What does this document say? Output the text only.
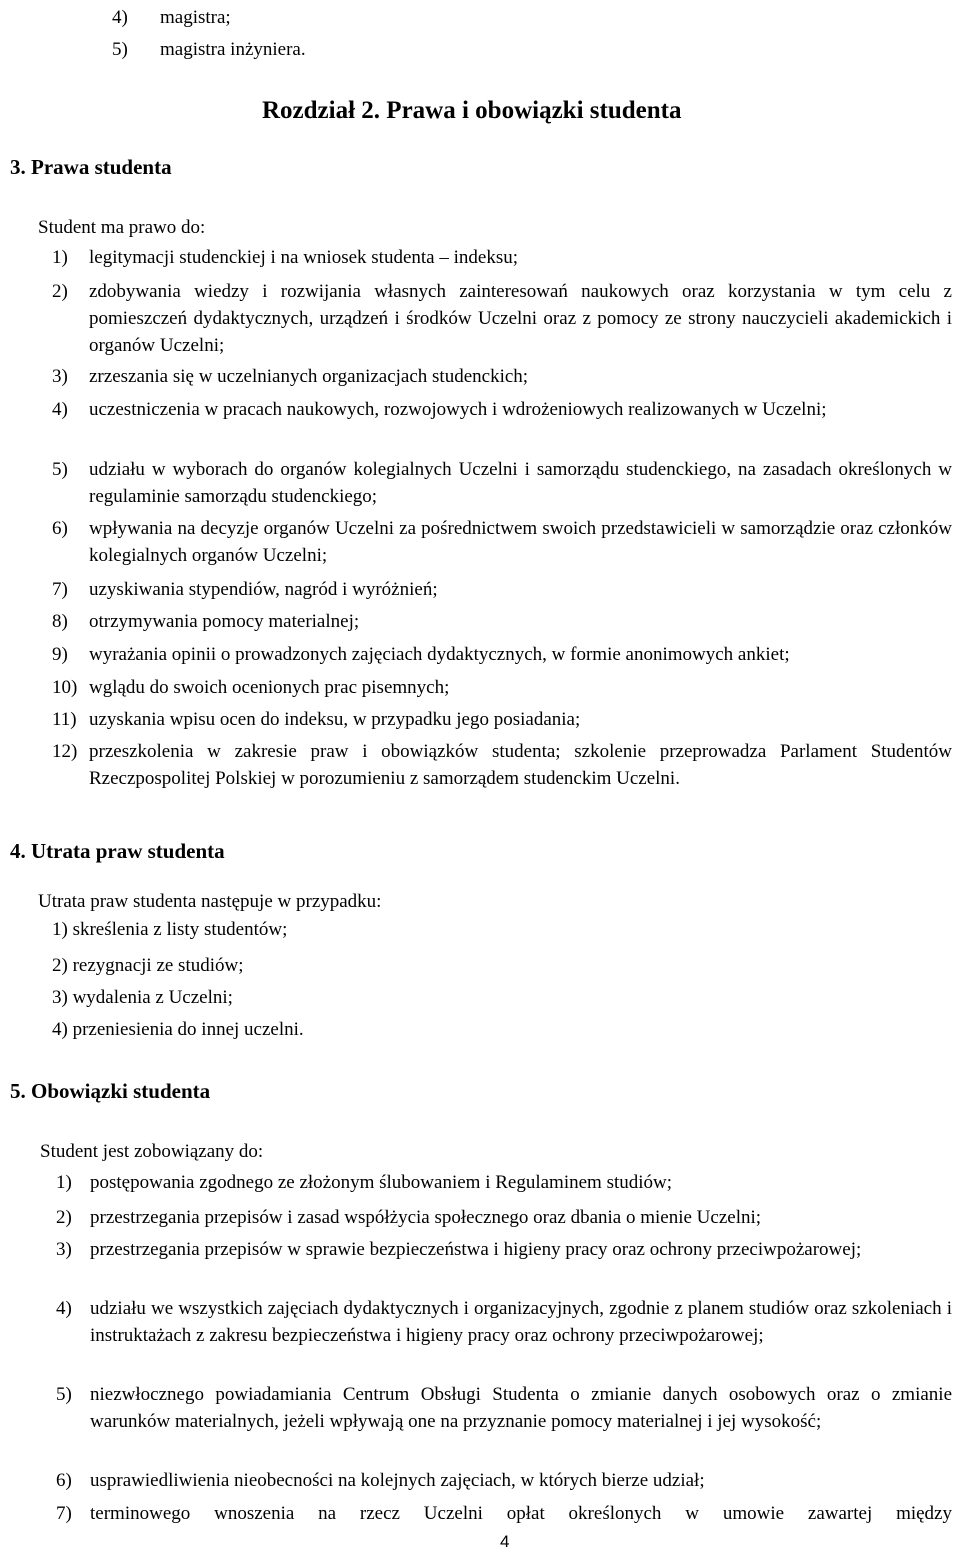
4) magistra;
5) magistra inżyniera.
Rozdział 2. Prawa i obowiązki studenta
3. Prawa studenta
Student ma prawo do:
1) legitymacji studenckiej i na wniosek studenta – indeksu;
2) zdobywania wiedzy i rozwijania własnych zainteresowań naukowych oraz korzystania w tym celu z pomieszczeń dydaktycznych, urządzeń i środków Uczelni oraz z pomocy ze strony nauczycieli akademickich i organów Uczelni;
3) zrzeszania się w uczelnianych organizacjach studenckich;
4) uczestniczenia w pracach naukowych, rozwojowych i wdrożeniowych realizowanych w Uczelni;
5) udziału w wyborach do organów kolegialnych Uczelni i samorządu studenckiego, na zasadach określonych w regulaminie samorządu studenckiego;
6) wpływania na decyzje organów Uczelni za pośrednictwem swoich przedstawicieli w samorządzie oraz członków kolegialnych organów Uczelni;
7) uzyskiwania stypendiów, nagród i wyróżnień;
8) otrzymywania pomocy materialnej;
9) wyrażania opinii o prowadzonych zajęciach dydaktycznych, w formie anonimowych ankiet;
10) wglądu do swoich ocenionych prac pisemnych;
11) uzyskania wpisu ocen do indeksu, w przypadku jego posiadania;
12) przeszkolenia w zakresie praw i obowiązków studenta; szkolenie przeprowadza Parlament Studentów Rzeczpospolitej Polskiej w porozumieniu z samorządem studenckim Uczelni.
4. Utrata praw studenta
Utrata praw studenta następuje w przypadku:
1) skreślenia z listy studentów;
2) rezygnacji ze studiów;
3) wydalenia z Uczelni;
4) przeniesienia do innej uczelni.
5. Obowiązki studenta
Student jest zobowiązany do:
1) postępowania zgodnego ze złożonym ślubowaniem i Regulaminem studiów;
2) przestrzegania przepisów i zasad współżycia społecznego oraz dbania o mienie Uczelni;
3) przestrzegania przepisów w sprawie bezpieczeństwa i higieny pracy oraz ochrony przeciwpożarowej;
4) udziału we wszystkich zajęciach dydaktycznych i organizacyjnych, zgodnie z planem studiów oraz szkoleniach i instruktażach z zakresu bezpieczeństwa i higieny pracy oraz ochrony przeciwpożarowej;
5) niezwłocznego powiadamiania Centrum Obsługi Studenta o zmianie danych osobowych oraz o zmianie warunków materialnych, jeżeli wpływają one na przyznanie pomocy materialnej i jej wysokość;
6) usprawiedliwienia nieobecności na kolejnych zajęciach, w których bierze udział;
7) terminowego wnoszenia na rzecz Uczelni opłat określonych w umowie zawartej między
4
